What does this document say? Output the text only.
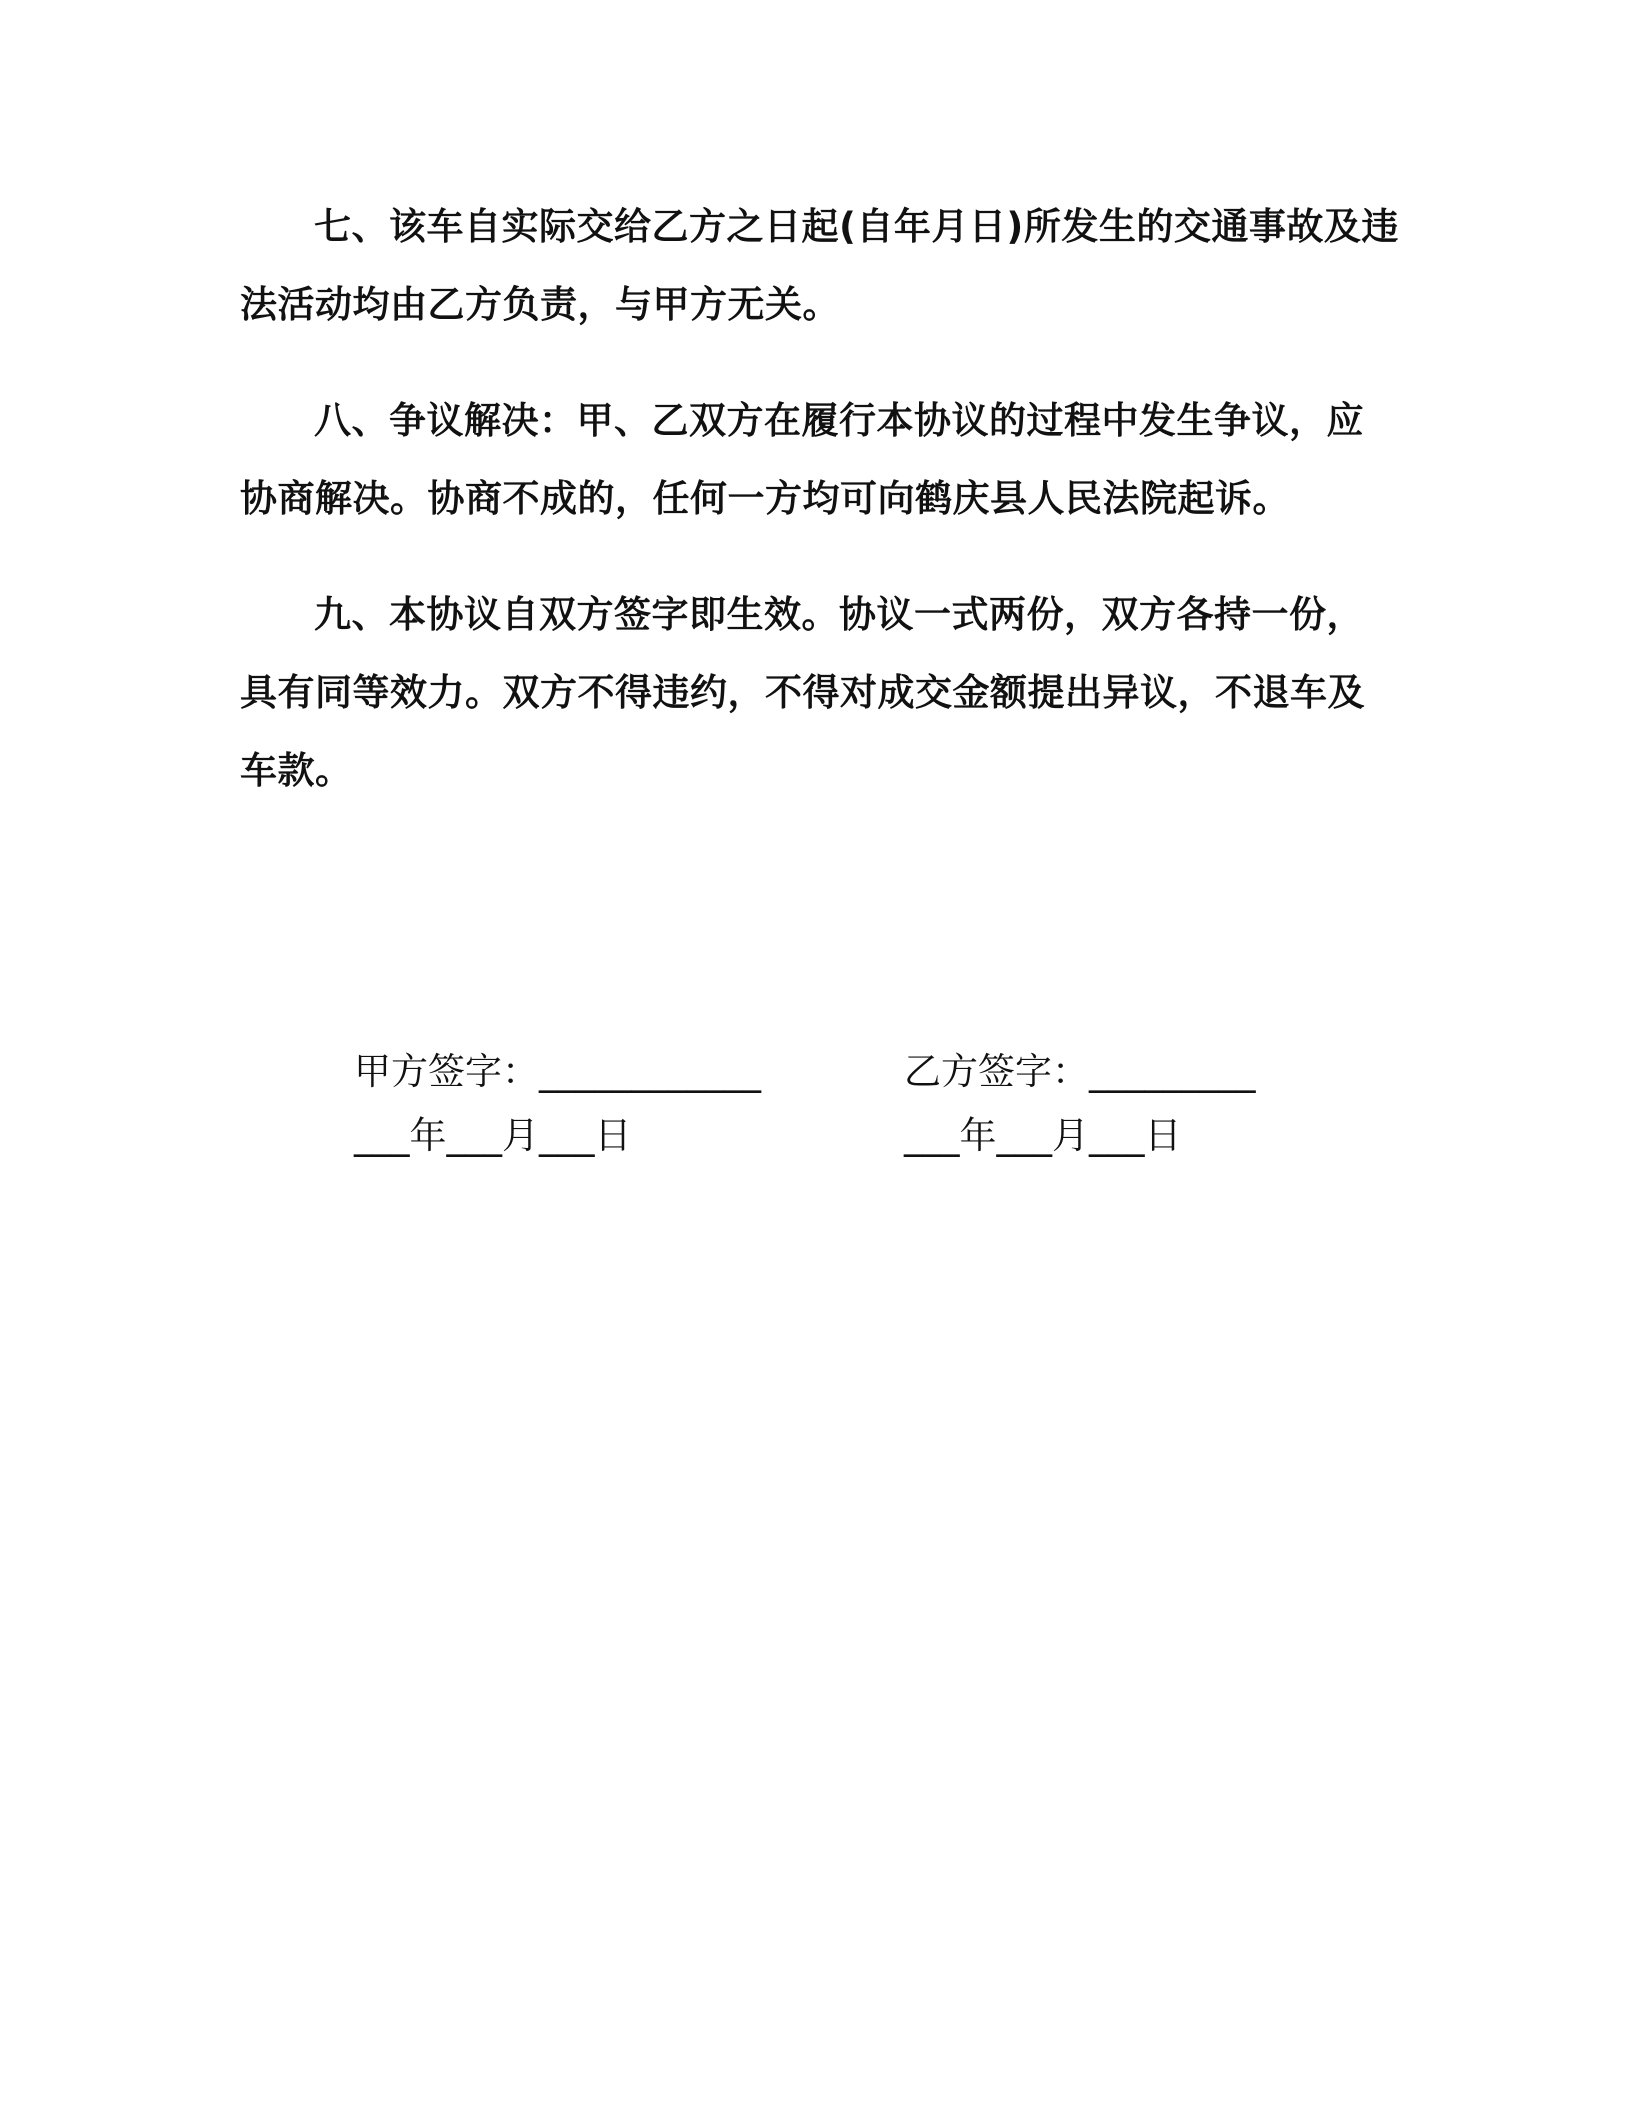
七、该车自实际交给乙方之日起(自年月日)所发生的交通事故及违法活动均由乙方负责，与甲方无关。

八、争议解决：甲、乙双方在履行本协议的过程中发生争议，应协商解决。协商不成的，任何一方均可向鹤庆县人民法院起诉。

九、本协议自双方签字即生效。协议一式两份，双方各持一份，具有同等效力。双方不得违约，不得对成交金额提出异议，不退车及车款。

甲方签字：____________
___年___月___日
乙方签字：_________
___年___月___日
